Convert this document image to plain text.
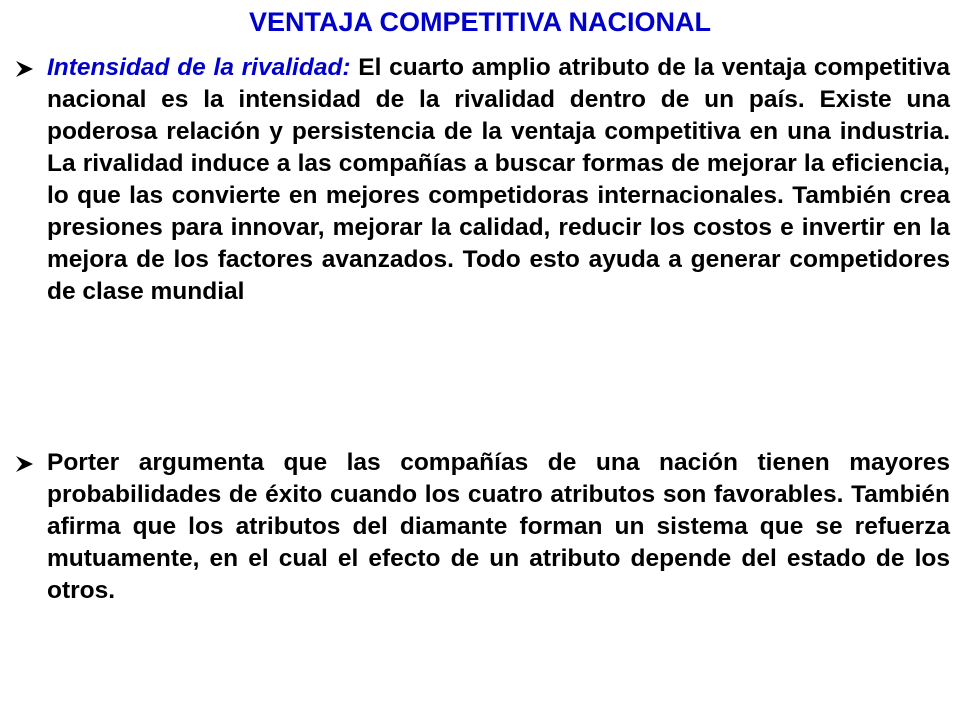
VENTAJA COMPETITIVA NACIONAL

Intensidad de la rivalidad: El cuarto amplio atributo de la ventaja competitiva nacional es la intensidad de la rivalidad dentro de un país. Existe una poderosa relación y persistencia de la ventaja competitiva en una industria. La rivalidad induce a las compañías a buscar formas de mejorar la eficiencia, lo que las convierte en mejores competidoras internacionales. También crea presiones para innovar, mejorar la calidad, reducir los costos e invertir en la mejora de los factores avanzados. Todo esto ayuda a generar competidores de clase mundial

Porter argumenta que las compañías de una nación tienen mayores probabilidades de éxito cuando los cuatro atributos son favorables. También afirma que los atributos del diamante forman un sistema que se refuerza mutuamente, en el cual el efecto de un atributo depende del estado de los otros.
